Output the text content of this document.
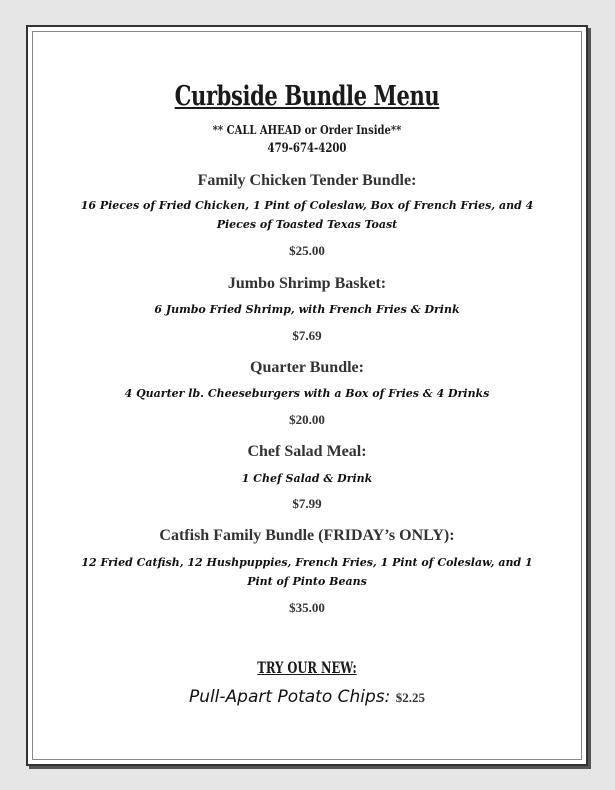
Curbside Bundle Menu
** CALL AHEAD or Order Inside**
479-674-4200
Family Chicken Tender Bundle:
16 Pieces of Fried Chicken, 1 Pint of Coleslaw, Box of French Fries, and 4 Pieces of Toasted Texas Toast
$25.00
Jumbo Shrimp Basket:
6 Jumbo Fried Shrimp, with French Fries & Drink
$7.69
Quarter Bundle:
4 Quarter lb. Cheeseburgers with a Box of Fries & 4 Drinks
$20.00
Chef Salad Meal:
1 Chef Salad & Drink
$7.99
Catfish Family Bundle (FRIDAY’s ONLY):
12 Fried Catfish, 12 Hushpuppies, French Fries, 1 Pint of Coleslaw, and 1 Pint of Pinto Beans
$35.00
TRY OUR NEW:
Pull-Apart Potato Chips: $2.25
